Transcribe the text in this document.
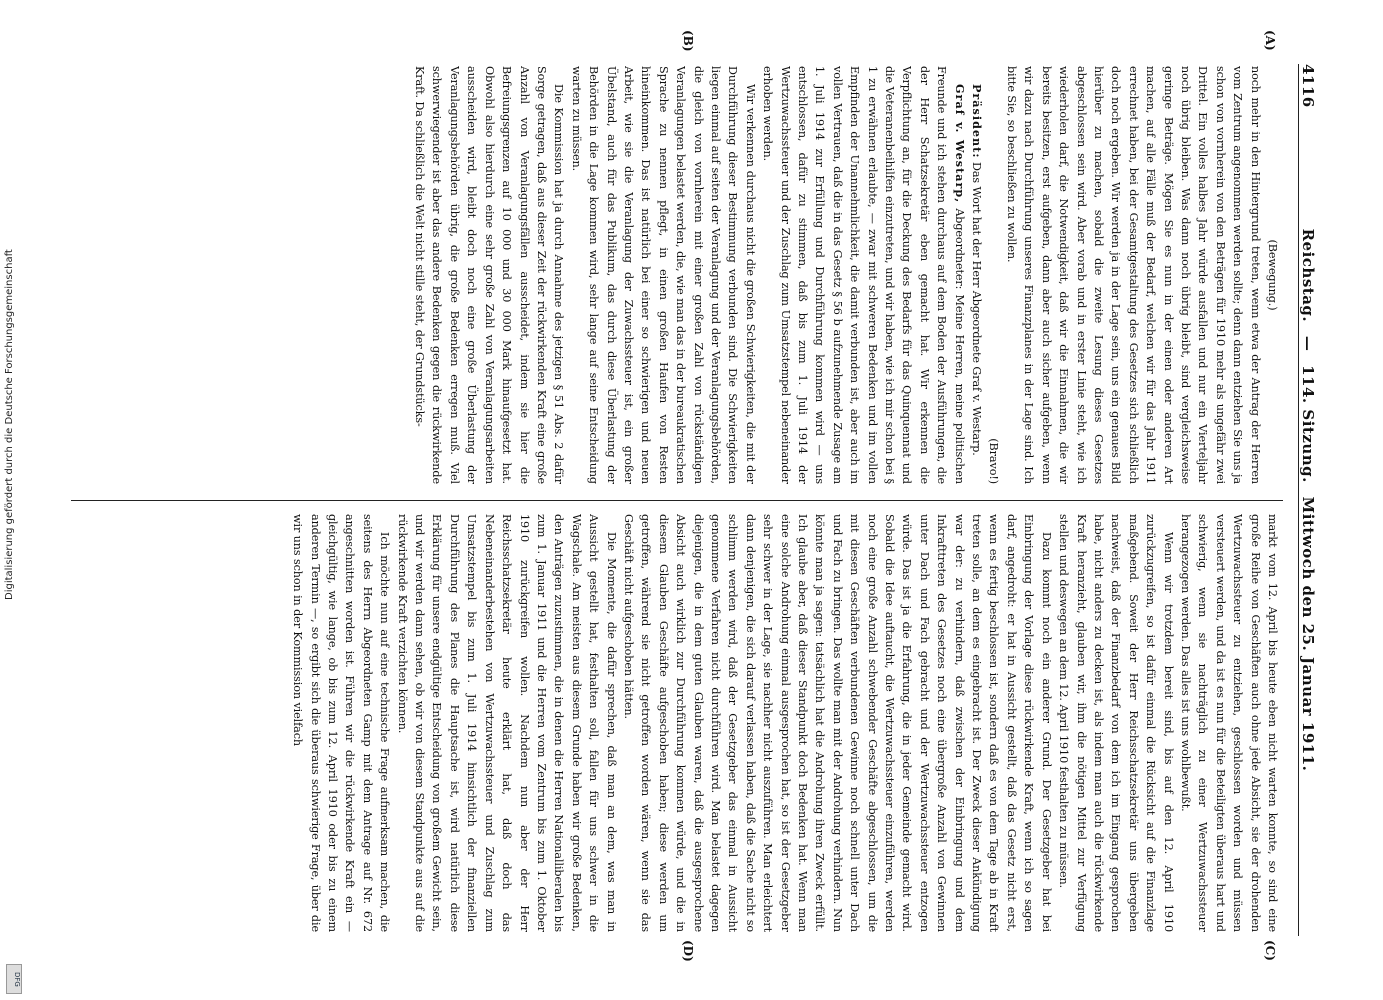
4116
Reichstag. — 114. Sitzung. Mittwoch den 25. Januar 1911.
(A)
(B)
(C)
(D)

(Bewegung.)

noch mehr in den Hintergrund treten, wenn etwa der Antrag der Herren vom Zentrum angenommen werden sollte; denn dann entziehen Sie uns ja schon von vornherein von den Beträgen für 1910 mehr als ungefähr zwei Drittel. Ein volles halbes Jahr würde ausfallen und nur ein Vierteljahr noch übrig bleiben. Was dann noch übrig bleibt, sind vergleichsweise geringe Beträge. Mögen Sie es nun in der einen oder anderen Art machen, auf alle Fälle muß der Bedarf, welchen wir für das Jahr 1911 errechnet haben, bei der Gesamtgestaltung des Gesetzes sich schließlich doch noch ergeben. Wir werden ja in der Lage sein, uns ein genaues Bild hierüber zu machen, sobald die zweite Lesung dieses Gesetzes abgeschlossen sein wird. Aber vorab und in erster Linie steht, wie ich wiederholen darf, die Notwendigkeit, daß wir die Einnahmen, die wir bereits besitzen, erst aufgeben, dann aber auch sicher aufgeben, wenn wir dazu nach Durchführung unseres Finanzplanes in der Lage sind. Ich bitte Sie, so beschließen zu wollen.

(Bravo!)

Präsident: Das Wort hat der Herr Abgeordnete Graf v. Westarp.

Graf v. Westarp, Abgeordneter: Meine Herren, meine politischen Freunde und ich stehen durchaus auf dem Boden der Ausführungen, die der Herr Schatzsekretär eben gemacht hat. Wir erkennen die Verpflichtung an, für die Deckung des Bedarfs für das Quinquennat und die Veteranenbeihilfen einzutreten, und wir haben, wie ich mir schon bei § 1 zu erwähnen erlaubte, — zwar mit schweren Bedenken und im vollen Empfinden der Unannehmlichkeit, die damit verbunden ist, aber auch im vollen Vertrauen, daß die in das Gesetz § 56 b aufzunehmende Zusage am 1. Juli 1914 zur Erfüllung und Durchführung kommen wird — uns entschlossen, dafür zu stimmen, daß bis zum 1. Juli 1914 der Wertzuwachssteuer und der Zuschlag zum Umsatzstempel nebeneinander erhoben werden.

Wir verkennen durchaus nicht die großen Schwierigkeiten, die mit der Durchführung dieser Bestimmung verbunden sind. Die Schwierigkeiten liegen einmal auf seiten der Veranlagung und der Veranlagungsbehörden, die gleich von vornherein mit einer großen Zahl von rückständigen Veranlagungen belastet werden, die, wie man das in der bureaukratischen Sprache zu nennen pflegt, in einen großen Haufen von Resten hineinkommen. Das ist natürlich bei einer so schwierigen und neuen Arbeit, wie sie die Veranlagung der Zuwachssteuer ist, ein großer Übelstand, auch für das Publikum, das durch diese Überlastung der Behörden in die Lage kommen wird, sehr lange auf seine Entscheidung warten zu müssen.

Die Kommission hat ja durch Annahme des jetzigen § 51 Abs. 2 dafür Sorge getragen, daß aus dieser Zeit der rückwirkenden Kraft eine große Anzahl von Veranlagungsfällen ausscheidet, indem sie hier die Befreiungsgrenzen auf 10 000 und 30 000 Mark hinaufgesetzt hat. Obwohl also hierdurch eine sehr große Zahl von Veranlagungsarbeiten ausscheiden wird, bleibt doch noch eine große Überlastung der Veranlagungsbehörden übrig, die große Bedenken erregen muß. Viel schwerwiegender ist aber das andere Bedenken gegen die rückwirkende Kraft. Da schließlich die Welt nicht stille steht, der Grundstücks-

markt vom 12. April bis heute eben nicht warten konnte, so sind eine große Reihe von Geschäften auch ohne jede Absicht, sie der drohenden Wertzuwachssteuer zu entziehen, geschlossen worden und müssen versteuert werden, und da ist es nun für die Beteiligten überaus hart und schwierig, wenn sie nachträglich zu einer Wertzuwachssteuer herangezogen werden. Das alles ist uns wohlbewußt.

Wenn wir trotzdem bereit sind, bis auf den 12. April 1910 zurückzugreifen, so ist dafür einmal die Rücksicht auf die Finanzlage maßgebend. Soweit der Herr Reichsschatzsekretär uns übergeben nachweist, daß der Finanzbedarf von dem ich im Eingang gesprochen habe, nicht anders zu decken ist, als indem man auch die rückwirkende Kraft heranzieht, glauben wir, ihm die nötigen Mittel zur Verfügung stellen und deswegen an dem 12. April 1910 festhalten zu müssen.

Dazu kommt noch ein anderer Grund. Der Gesetzgeber hat bei Einbringung der Vorlage diese rückwirkende Kraft, wenn ich so sagen darf, angedroht: er hat in Aussicht gestellt, daß das Gesetz nicht erst, wenn es fertig beschlossen ist, sondern daß es von dem Tage ab in Kraft treten solle, an dem es eingebracht ist. Der Zweck dieser Ankündigung war der: zu verhindern, daß zwischen der Einbringung und dem Inkrafttreten des Gesetzes noch eine übergroße Anzahl von Gewinnen unter Dach und Fach gebracht und der Wertzuwachssteuer entzogen würde. Das ist ja die Erfahrung, die in jeder Gemeinde gemacht wird. Sobald die Idee auftaucht, die Wertzuwachssteuer einzuführen, werden noch eine große Anzahl schwebender Geschäfte abgeschlossen, um die mit diesen Geschäften verbundenen Gewinne noch schnell unter Dach und Fach zu bringen. Das wollte man mit der Androhung verhindern. Nun könnte man ja sagen: tatsächlich hat die Androhung ihren Zweck erfüllt. Ich glaube aber, daß dieser Standpunkt doch Bedenken hat. Wenn man eine solche Androhung einmal ausgesprochen hat, so ist der Gesetzgeber sehr schwer in der Lage, sie nachher nicht auszuführen. Man erleichtert dann denjenigen, die sich darauf verlassen haben, daß die Sache nicht so schlimm werden wird, daß der Gesetzgeber das einmal in Aussicht genommene Verfahren nicht durchführen wird. Man belastet dagegen diejenigen, die in dem guten Glauben waren, daß die ausgesprochene Absicht auch wirklich zur Durchführung kommen würde, und die in diesem Glauben Geschäfte aufgeschoben haben; diese werden um getroffen, während sie nicht getroffen worden wären, wenn sie das Geschäft nicht aufgeschoben hätten.

Die Momente, die dafür sprechen, daß man an dem, was man in Aussicht gestellt hat, festhalten soll, fallen für uns schwer in die Wagschale. Am meisten aus diesem Grunde haben wir große Bedenken, den Anträgen zuzustimmen, die in denen die Herren Nationalliberalen bis zum 1. Januar 1911 und die Herren vom Zentrum bis zum 1. Oktober 1910 zurückgreifen wollen. Nachdem nun aber der Herr Reichsschatzsekretär heute erklärt hat, daß doch das Nebeneinanderbestehen von Wertzuwachssteuer und Zuschlag zum Umsatzstempel bis zum 1. Juli 1914 hinsichtlich der finanziellen Durchführung des Planes die Hauptsache ist, wird natürlich diese Erklärung für unsere endgültige Entscheidung von großem Gewicht sein, und wir werden dann sehen, ob wir von diesem Standpunkte aus auf die rückwirkende Kraft verzichten können.

Ich möchte nun auf eine technische Frage aufmerksam machen, die seitens des Herrn Abgeordneten Gamp mit dem Antrage auf Nr. 672 angeschnitten worden ist. Führen wir die rückwirkende Kraft ein — gleichgültig, wie lange, ob bis zum 12. April 1910 oder bis zu einem anderen Termin —, so ergibt sich die überaus schwierige Frage, über die wir uns schon in der Kommission vielfach

Digitalisierung gefördert durch die Deutsche Forschungsgemeinschaft
DFG
